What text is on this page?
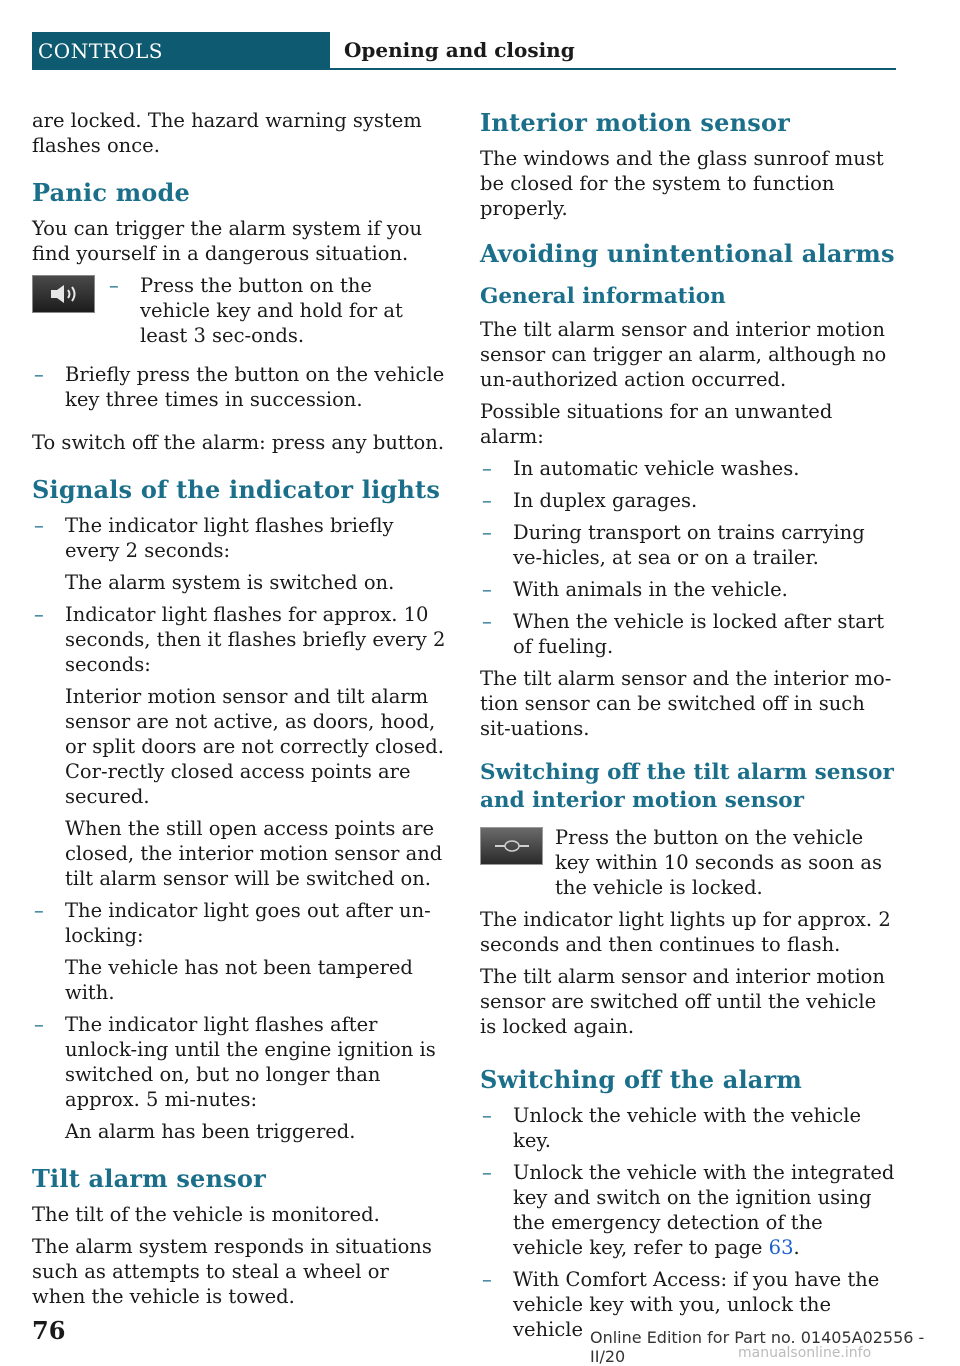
CONTROLS	Opening and closing

are locked. The hazard warning system flashes once.

Panic mode

You can trigger the alarm system if you find yourself in a dangerous situation.

– Press the button on the vehicle key and hold for at least 3 sec-onds.
– Briefly press the button on the vehicle key three times in succession.

To switch off the alarm: press any button.

Signals of the indicator lights
– The indicator light flashes briefly every 2 seconds:
The alarm system is switched on.
– Indicator light flashes for approx. 10 seconds, then it flashes briefly every 2 seconds:
Interior motion sensor and tilt alarm sensor are not active, as doors, hood, or split doors are not correctly closed. Cor-rectly closed access points are secured.
When the still open access points are closed, the interior motion sensor and tilt alarm sensor will be switched on.
– The indicator light goes out after un-locking:
The vehicle has not been tampered with.
– The indicator light flashes after unlock-ing until the engine ignition is switched on, but no longer than approx. 5 mi-nutes:
An alarm has been triggered.
Tilt alarm sensor

The tilt of the vehicle is monitored.

The alarm system responds in situations such as attempts to steal a wheel or when the vehicle is towed.

Interior motion sensor

The windows and the glass sunroof must be closed for the system to function properly.

Avoiding unintentional alarms
General information

The tilt alarm sensor and interior motion sensor can trigger an alarm, although no un-authorized action occurred.

Possible situations for an unwanted alarm:

– In automatic vehicle washes.
– In duplex garages.
– During transport on trains carrying ve-hicles, at sea or on a trailer.
– With animals in the vehicle.
– When the vehicle is locked after start of fueling.

The tilt alarm sensor and the interior mo-tion sensor can be switched off in such sit-uations.

Switching off the tilt alarm sensor and interior motion sensor

Press the button on the vehicle key within 10 seconds as soon as the vehicle is locked.

The indicator light lights up for approx. 2 seconds and then continues to flash.

The tilt alarm sensor and interior motion sensor are switched off until the vehicle is locked again.

Switching off the alarm
– Unlock the vehicle with the vehicle key.
– Unlock the vehicle with the integrated key and switch on the ignition using the emergency detection of the vehicle key, refer to page 63.
– With Comfort Access: if you have the vehicle key with you, unlock the vehicle
76	Online Edition for Part no. 01405A02556 - II/20	manualsonline.info
